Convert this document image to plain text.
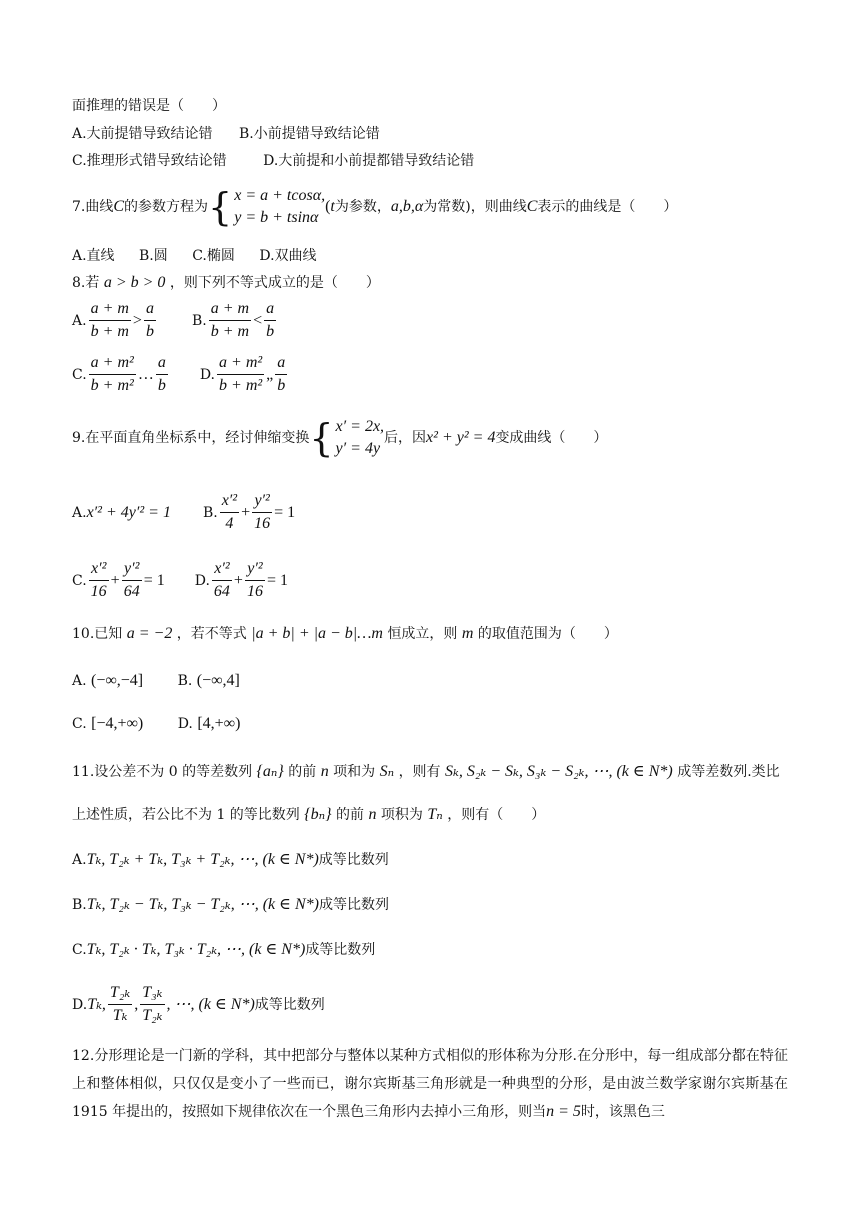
面推理的错误是（　　）
A.大前提错导致结论错 B.小前提错导致结论错
C.推理形式错导致结论错	D.大前提和小前提都错导致结论错
7.曲线 C 的参数方程为 { x = a + tcosα,
y = b + tsinα
( t 为参数， a,b,α 为常数)，则曲线 C 表示的曲线是（　　）
A.直线 B.圆 C.椭圆 D.双曲线
8.若 a > b > 0 ，则下列不等式成立的是（　　）
A. $\frac{a + m}{b + m} > \frac{a}{b}$	B. $\frac{a + m}{b + m} < \frac{a}{b}$
C. $\frac{\text{a + m²}}{\text{b + m²}}$ … $\frac{a}{b} D$. $\frac{\text{a + m²}}{\text{b + m²}}$ „ $\frac{a}{b}$
9.在平面直角坐标系中，经讨伸缩变换 { x′ = 2x,
y′ = 4y
后，因 x² + y² = 4 变成曲线（　　）
A. x′² + 4y′² = 1 B. $\frac{\text{x′²}}{4} + \frac{\text{y′²}}{16} = 1$
C. $\frac{\text{x′²}}{16} + \frac{\text{y′²}}{64} = 1$ D. $\frac{\text{x′²}}{64} + \frac{\text{y′²}}{16} = 1$
10.已知 a = −2 ，若不等式 |a + b| + |a − b|…m 恒成立，则 m 的取值范围为（　　）
A. (−∞,−4] B. (−∞,4]
C. [−4,+∞) D. [4,+∞)
11.设公差不为 0 的等差数列 {aₙ} 的前 n 项和为 Sₙ ，则有 Sₖ, S₂ₖ − Sₖ, S₃ₖ − S₂ₖ, ⋯, (k ∈ N*) 成等差数列.类比
上述性质，若公比不为 1 的等比数列 {bₙ} 的前 n 项积为 Tₙ ，则有（　　）
A.Tₖ, T₂ₖ + Tₖ, T₃ₖ + T₂ₖ, ⋯, (k ∈ N*)成等比数列
B.Tₖ, T₂ₖ − Tₖ, T₃ₖ − T₂ₖ, ⋯, (k ∈ N*)成等比数列
C.Tₖ, T₂ₖ · Tₖ, T₃ₖ · T₂ₖ, ⋯, (k ∈ N*)成等比数列
D. Tₖ, $\frac{\text{T₂ₖ}}{\text{Tₖ}}$ , $\frac{\text{T₃ₖ}}{\text{T₂ₖ}}$ , ⋯, (k ∈ N*) 成等比数列
12.分形理论是一门新的学科，其中把部分与整体以某种方式相似的形体称为分形.在分形中，每一组成部分都在特征上和整体相似，只仅仅是变小了一些而已，谢尔宾斯基三角形就是一种典型的分形，是由波兰数学家谢尔宾斯基在 1915 年提出的，按照如下规律依次在一个黑色三角形内去掉小三角形，则当n = 5时，该黑色三
